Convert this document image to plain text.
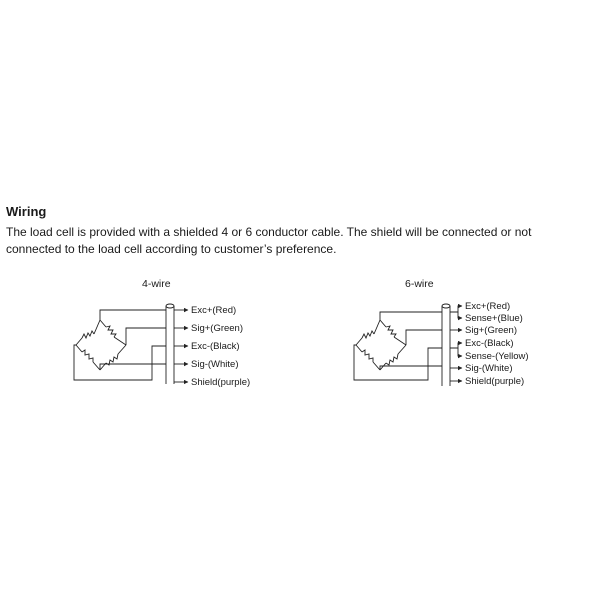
Wiring

The load cell is provided with a shielded 4 or 6 conductor cable. The shield will be connected or not connected to the load cell according to customer’s preference.

4-wire
Exc+(Red)
Sig+(Green)
Exc-(Black)
Sig-(White)
Shield(purple)
6-wire
Exc+(Red)
Sense+(Blue)
Sig+(Green)
Exc-(Black)
Sense-(Yellow)
Sig-(White)
Shield(purple)
